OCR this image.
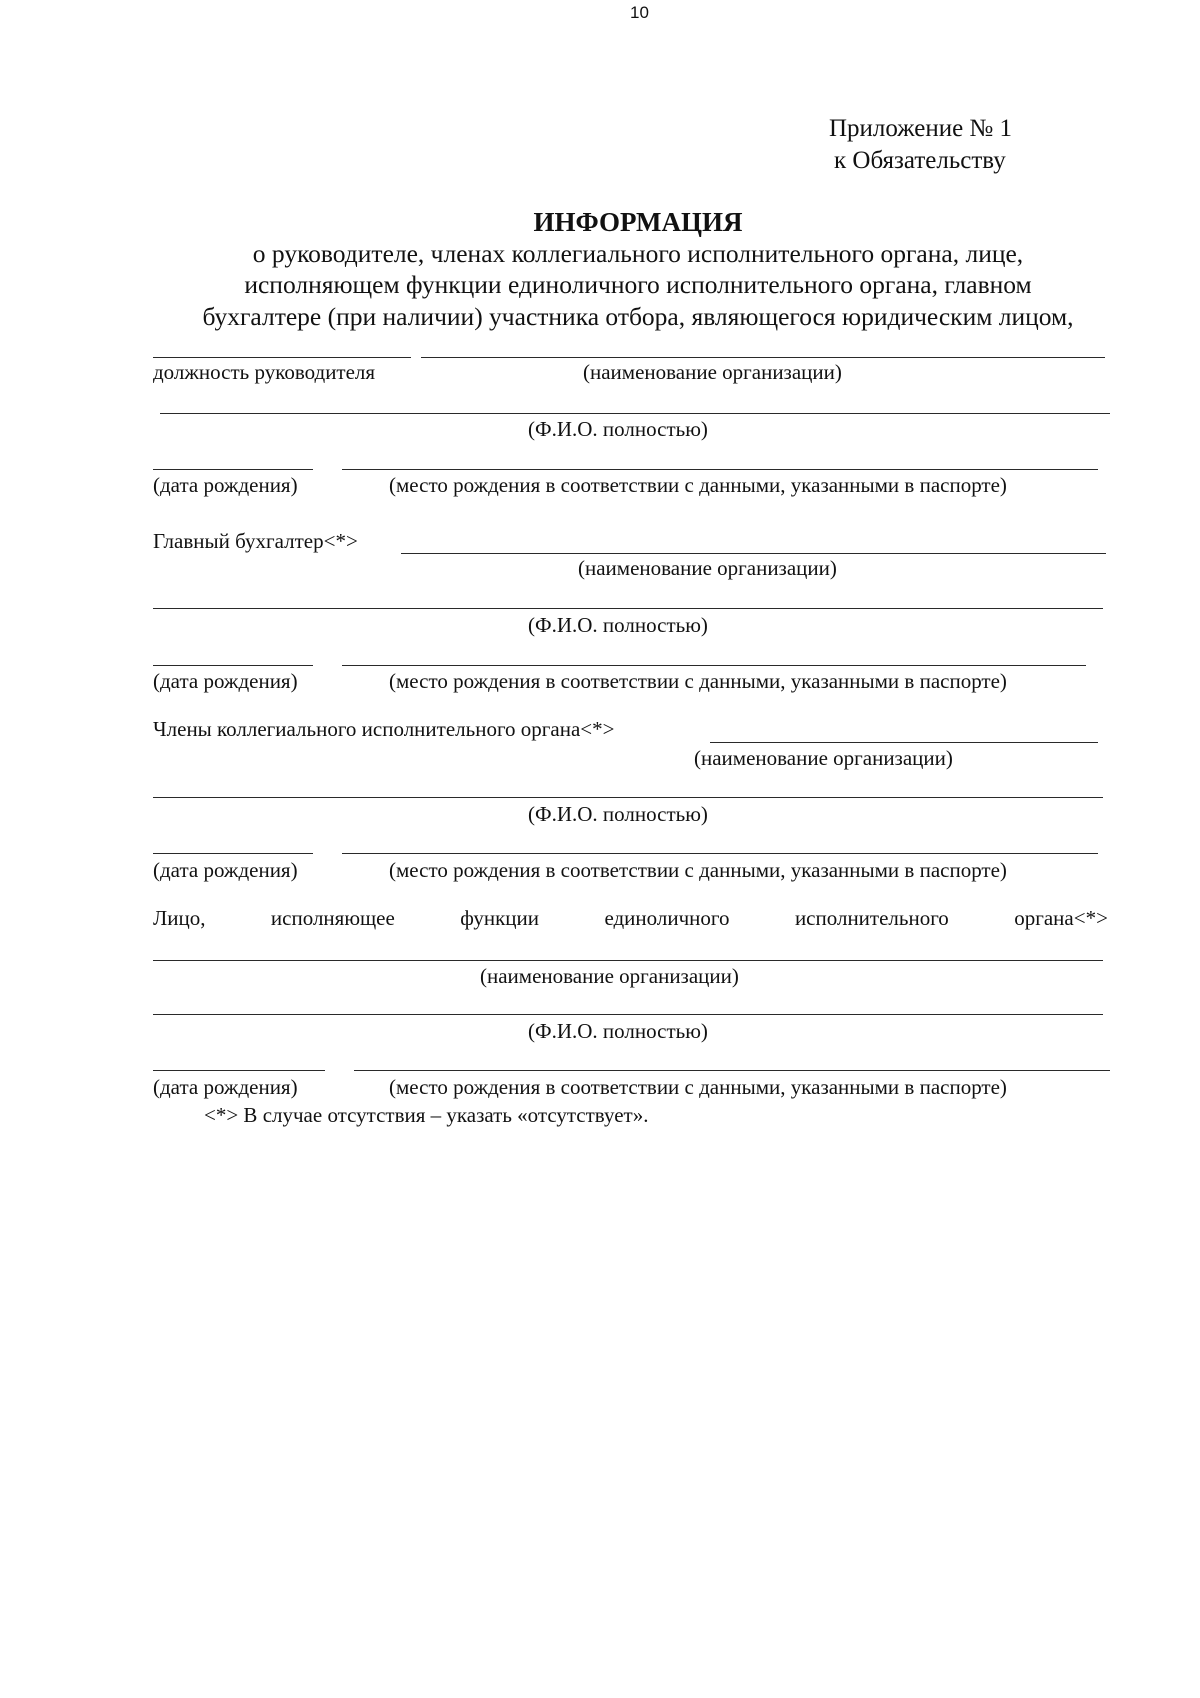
10
Приложение № 1
к Обязательству
ИНФОРМАЦИЯ
о руководителе, членах коллегиального исполнительного органа, лице,
исполняющем функции единоличного исполнительного органа, главном
бухгалтере (при наличии) участника отбора, являющегося юридическим лицом,
должность руководителя	(наименование организации)
(Ф.И.О. полностью)
(дата рождения)	(место рождения в соответствии с данными, указанными в паспорте)
Главный бухгалтер<*>
(наименование организации)
(Ф.И.О. полностью)
(дата рождения)	(место рождения в соответствии с данными, указанными в паспорте)
Члены коллегиального исполнительного органа<*>
(наименование организации)
(Ф.И.О. полностью)
(дата рождения)	(место рождения в соответствии с данными, указанными в паспорте)
Лицо,	исполняющее	функции	единоличного	исполнительного	органа<*>
(наименование организации)
(Ф.И.О. полностью)
(дата рождения)	(место рождения в соответствии с данными, указанными в паспорте)
<*> В случае отсутствия – указать «отсутствует».
